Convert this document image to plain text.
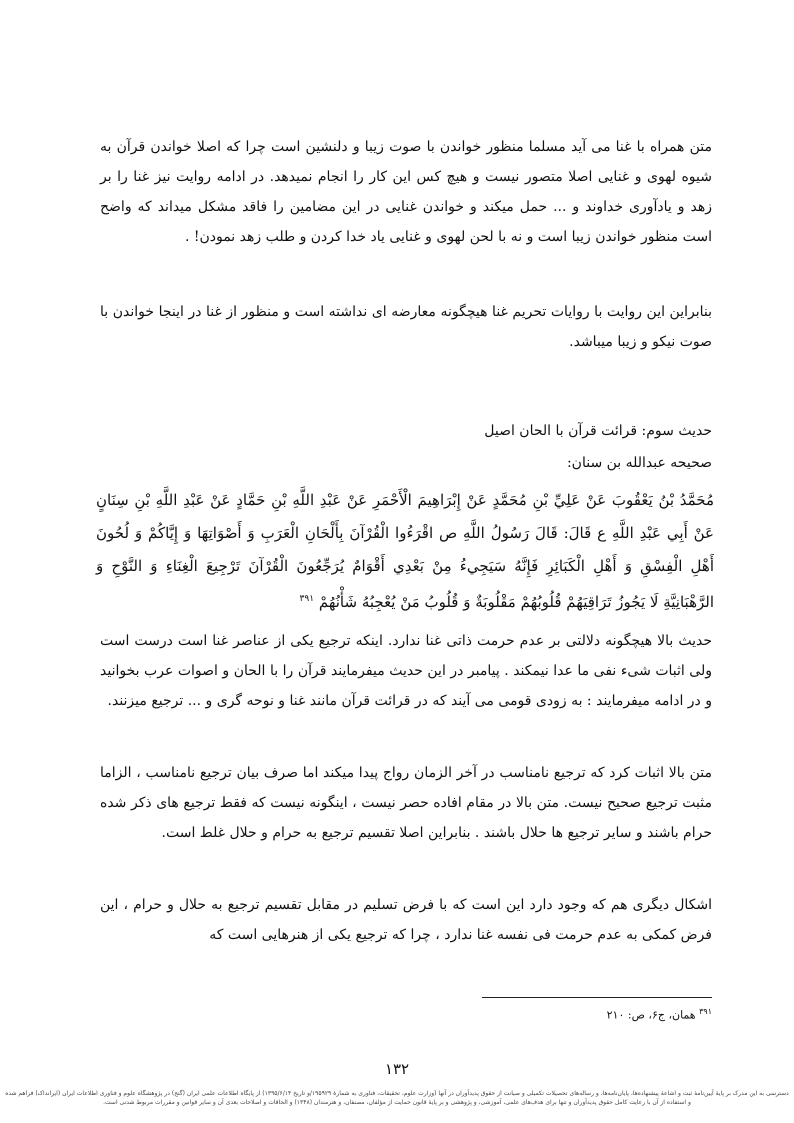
متن همراه با غنا می آید مسلما منظور خواندن با صوت زیبا و دلنشین است چرا که اصلا خواندن قرآن به شیوه لهوی و غنایی اصلا متصور نیست و هیچ کس این کار را انجام نمیدهد. در ادامه روایت نیز غنا را بر زهد و یادآوری خداوند و ... حمل میکند و خواندن غنایی در این مضامین را فاقد مشکل میداند که واضح است منظور خواندن زیبا است و نه با لحن لهوی و غنایی یاد خدا کردن و طلب زهد نمودن! .

بنابراین این روایت با روایات تحریم غنا هیچگونه معارضه ای نداشته است و منظور از غنا در اینجا خواندن با صوت نیکو و زیبا میباشد.

حدیث سوم: قرائت قرآن با الحان اصیل

صحیحه عبدالله بن سنان:

مُحَمَّدُ بْنُ يَعْقُوبَ عَنْ عَلِيِّ بْنِ مُحَمَّدٍ عَنْ إِبْرَاهِيمَ الْأَحْمَرِ عَنْ عَبْدِ اللَّهِ بْنِ حَمَّادٍ عَنْ عَبْدِ اللَّهِ بْنِ سِنَانٍ عَنْ أَبِي عَبْدِ اللَّهِ ع قَالَ: قَالَ رَسُولُ اللَّهِ ص اقْرَءُوا الْقُرْآنَ بِأَلْحَانِ الْعَرَبِ وَ أَصْوَاتِهَا وَ إِيَّاكُمْ وَ لُحُونَ أَهْلِ الْفِسْقِ وَ أَهْلِ الْكَبَائِرِ فَإِنَّهُ سَيَجِيءُ مِنْ بَعْدِي أَقْوَامٌ يُرَجِّعُونَ الْقُرْآنَ تَرْجِيعَ الْغِنَاءِ وَ النَّوْحِ وَ الرَّهْبَانِيَّةِ لَا يَجُوزُ تَرَاقِيَهُمْ قُلُوبُهُمْ مَقْلُوبَةٌ وَ قُلُوبُ مَنْ يُعْجِبُهُ شَأْنُهُمْ $^{۳۹۱}$

حدیث بالا هیچگونه دلالتی بر عدم حرمت ذاتی غنا ندارد. اینکه ترجیع یکی از عناصر غنا است درست است ولی اثبات شیء نفی ما عدا نیمکند . پیامبر در این حدیث میفرمایند قرآن را با الحان و اصوات عرب بخوانید و در ادامه میفرمایند : به زودی قومی می آیند که در قرائت قرآن مانند غنا و نوحه گری و ... ترجیع میزنند.

متن بالا اثبات کرد که ترجیع نامناسب در آخر الزمان رواج پیدا میکند اما صرف بیان ترجیع نامناسب ، الزاما مثبت ترجیع صحیح نیست. متن بالا در مقام افاده حصر نیست ، اینگونه نیست که فقط ترجیع های ذکر شده حرام باشند و سایر ترجیع ها حلال باشند . بنابراین اصلا تقسیم ترجیع به حرام و حلال غلط است.

اشکال دیگری هم که وجود دارد این است که با فرض تسلیم در مقابل تقسیم ترجیع به حلال و حرام ، این فرض کمکی به عدم حرمت فی نفسه غنا ندارد ، چرا که ترجیع یکی از هنرهایی است که

$^{۳۹۱}$ همان، ج۶، ص: ۲۱۰

۱۳۲

دسترسی به این مدرک بر پایهٔ آیین‌نامهٔ ثبت و اشاعهٔ پیشنهاده‌ها، پایان‌نامه‌ها، و رساله‌های تحصیلات تکمیلی و صیانت از حقوق پدیدآوران در آنها (وزارت علوم، تحقیقات، فناوری به شمارهٔ ۱۹۵۹۲۹/و تاریخ ۱۳۹۵/۶/۱۴) از پایگاه اطلاعات علمی ایران (گنج) در پژوهشگاه علوم و فناوری اطلاعات ایران (ایرانداک) فراهم شده و استفاده از آن با رعایت کامل حقوق پدیدآوران و تنها برای هدف‌های علمی، آموزشی، و پژوهشی و بر پایهٔ قانون حمایت از مؤلفان، مصنفان، و هنرمندان (۱۳۴۸) و الحاقات و اصلاحات بعدی آن و سایر قوانین و مقررات مربوط شدنی است.
